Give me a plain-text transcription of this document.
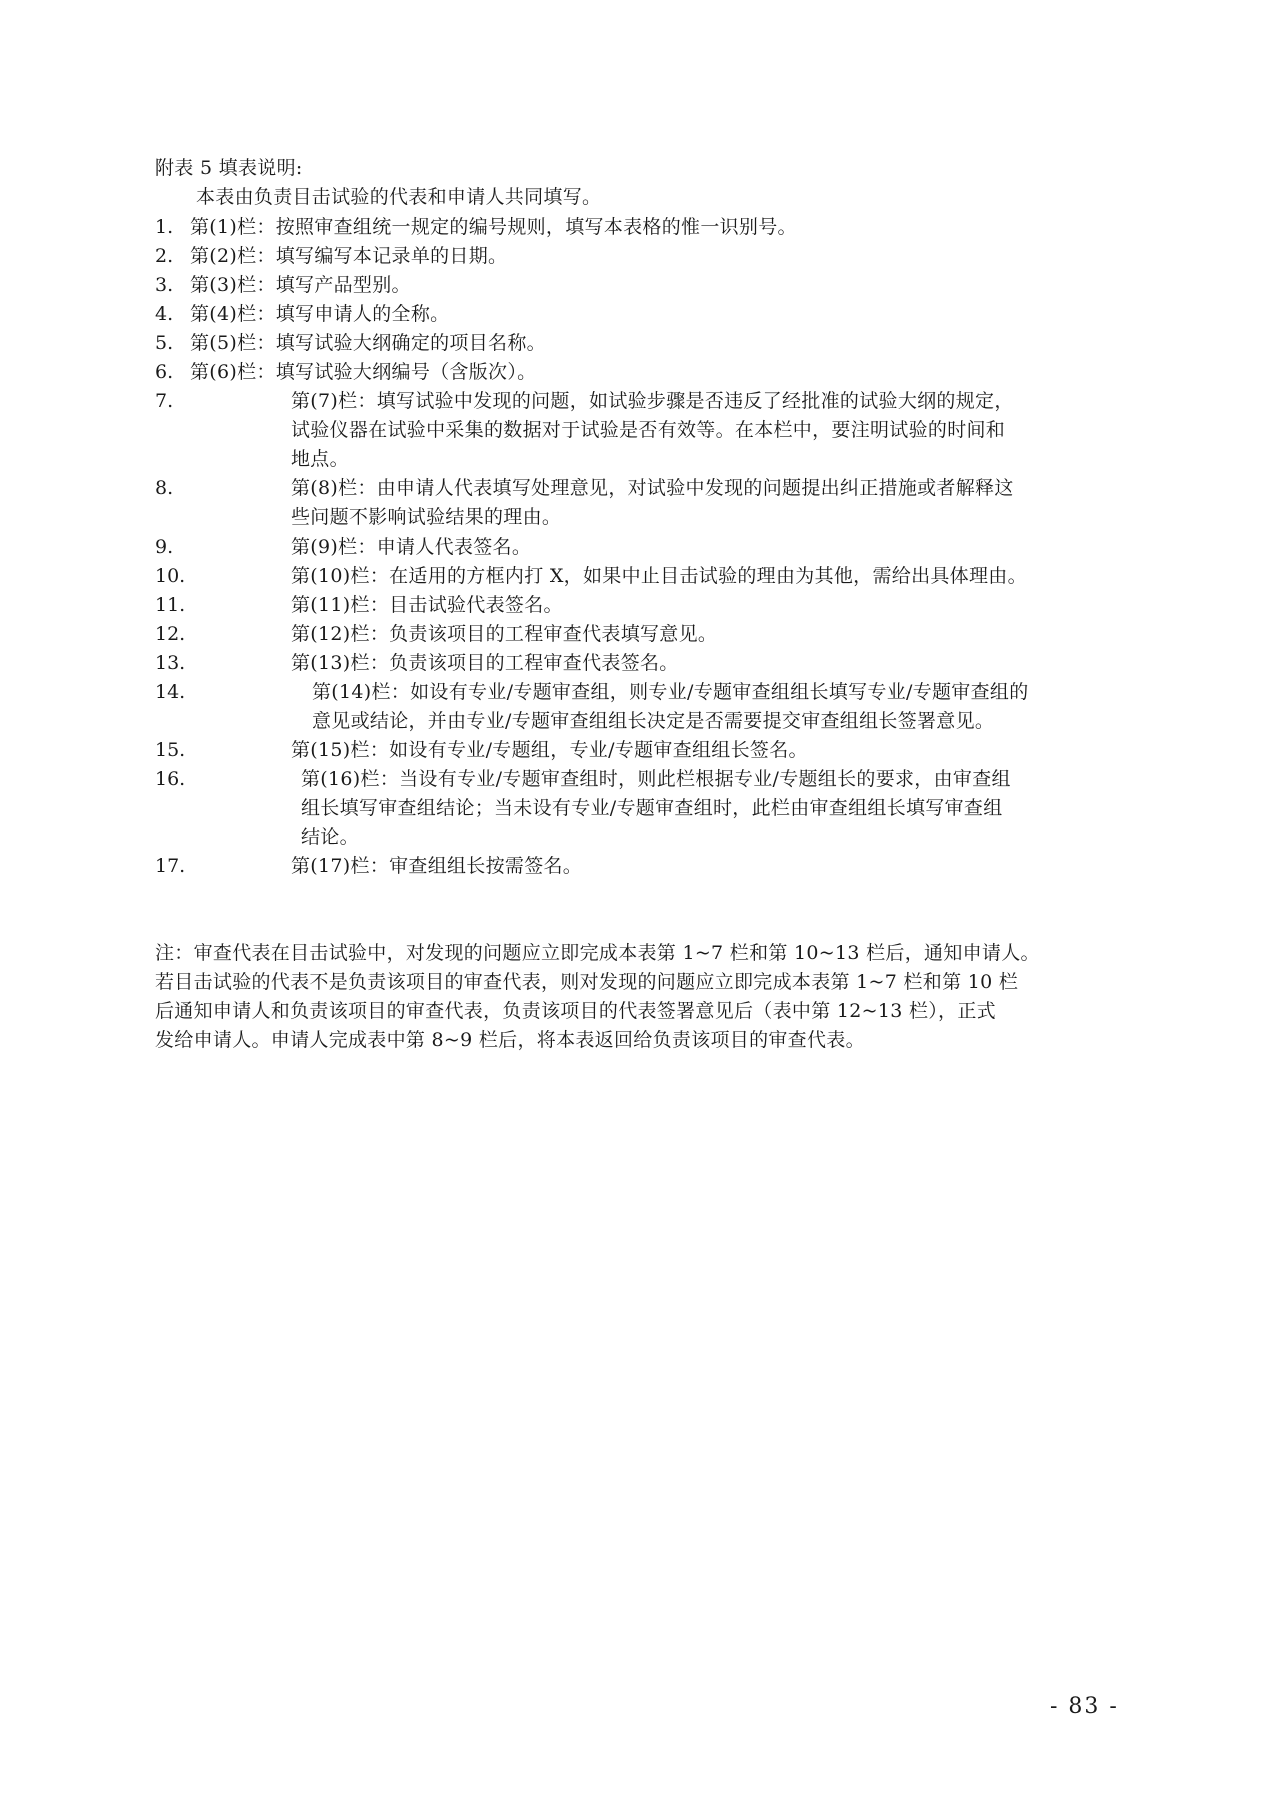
附表 5 填表说明:
本表由负责目击试验的代表和申请人共同填写。
1. 第(1)栏：按照审查组统一规定的编号规则，填写本表格的惟一识别号。
2. 第(2)栏：填写编写本记录单的日期。
3. 第(3)栏：填写产品型别。
4. 第(4)栏：填写申请人的全称。
5. 第(5)栏：填写试验大纲确定的项目名称。
6. 第(6)栏：填写试验大纲编号（含版次）。
7.	第(7)栏：填写试验中发现的问题，如试验步骤是否违反了经批准的试验大纲的规定，
试验仪器在试验中采集的数据对于试验是否有效等。在本栏中，要注明试验的时间和
地点。
8.	第(8)栏：由申请人代表填写处理意见，对试验中发现的问题提出纠正措施或者解释这
些问题不影响试验结果的理由。
9.	第(9)栏：申请人代表签名。
10.	第(10)栏：在适用的方框内打 X，如果中止目击试验的理由为其他，需给出具体理由。
11.	第(11)栏：目击试验代表签名。
12.	第(12)栏：负责该项目的工程审查代表填写意见。
13.	第(13)栏：负责该项目的工程审查代表签名。
14.	第(14)栏：如设有专业/专题审查组，则专业/专题审查组组长填写专业/专题审查组的
意见或结论，并由专业/专题审查组组长决定是否需要提交审查组组长签署意见。
15.	第(15)栏：如设有专业/专题组，专业/专题审查组组长签名。
16.	第(16)栏：当设有专业/专题审查组时，则此栏根据专业/专题组长的要求，由审查组
组长填写审查组结论；当未设有专业/专题审查组时，此栏由审查组组长填写审查组
结论。
17.	第(17)栏：审查组组长按需签名。
注：审查代表在目击试验中，对发现的问题应立即完成本表第 1~7 栏和第 10~13 栏后，通知申请人。
若目击试验的代表不是负责该项目的审查代表，则对发现的问题应立即完成本表第 1~7 栏和第 10 栏
后通知申请人和负责该项目的审查代表，负责该项目的代表签署意见后（表中第 12~13 栏），正式
发给申请人。申请人完成表中第 8~9 栏后，将本表返回给负责该项目的审查代表。
- 83 -
